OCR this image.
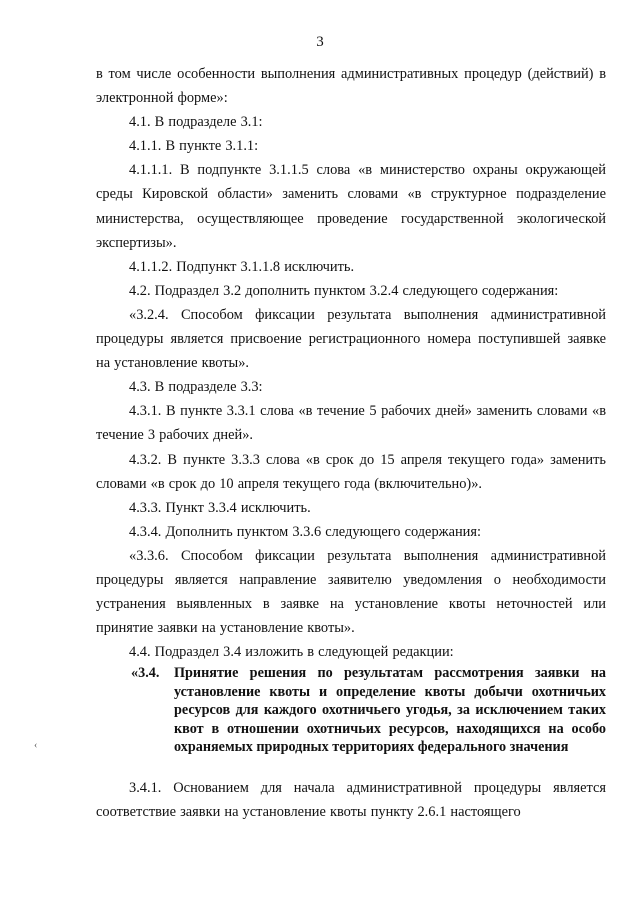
3

в том числе особенности выполнения административных процедур (действий) в электронной форме»:

4.1. В подразделе 3.1:

4.1.1. В пункте 3.1.1:

4.1.1.1. В подпункте 3.1.1.5 слова «в министерство охраны окружающей среды Кировской области» заменить словами «в структурное подразделение министерства, осуществляющее проведение государственной экологической экспертизы».

4.1.1.2. Подпункт 3.1.1.8 исключить.

4.2. Подраздел 3.2 дополнить пунктом 3.2.4 следующего содержания:

«3.2.4. Способом фиксации результата выполнения административной процедуры является присвоение регистрационного номера поступившей заявке на установление квоты».

4.3. В подразделе 3.3:

4.3.1. В пункте 3.3.1 слова «в течение 5 рабочих дней» заменить словами «в течение 3 рабочих дней».

4.3.2. В пункте 3.3.3 слова «в срок до 15 апреля текущего года» заменить словами «в срок до 10 апреля текущего года (включительно)».

4.3.3. Пункт 3.3.4 исключить.

4.3.4. Дополнить пунктом 3.3.6 следующего содержания:

«3.3.6. Способом фиксации результата выполнения административной процедуры является направление заявителю уведомления о необходимости устранения выявленных в заявке на установление квоты неточностей или принятие заявки на установление квоты».

4.4. Подраздел 3.4 изложить в следующей редакции:

«3.4.	Принятие решения по результатам рассмотрения заявки на установление квоты и определение квоты добычи охотничьих ресурсов для каждого охотничьего угодья, за исключением таких квот в отношении охотничьих ресурсов, находящихся на особо охраняемых природных территориях федерального значения

3.4.1. Основанием для начала административной процедуры является соответствие заявки на установление квоты пункту 2.6.1 настоящего

‹
